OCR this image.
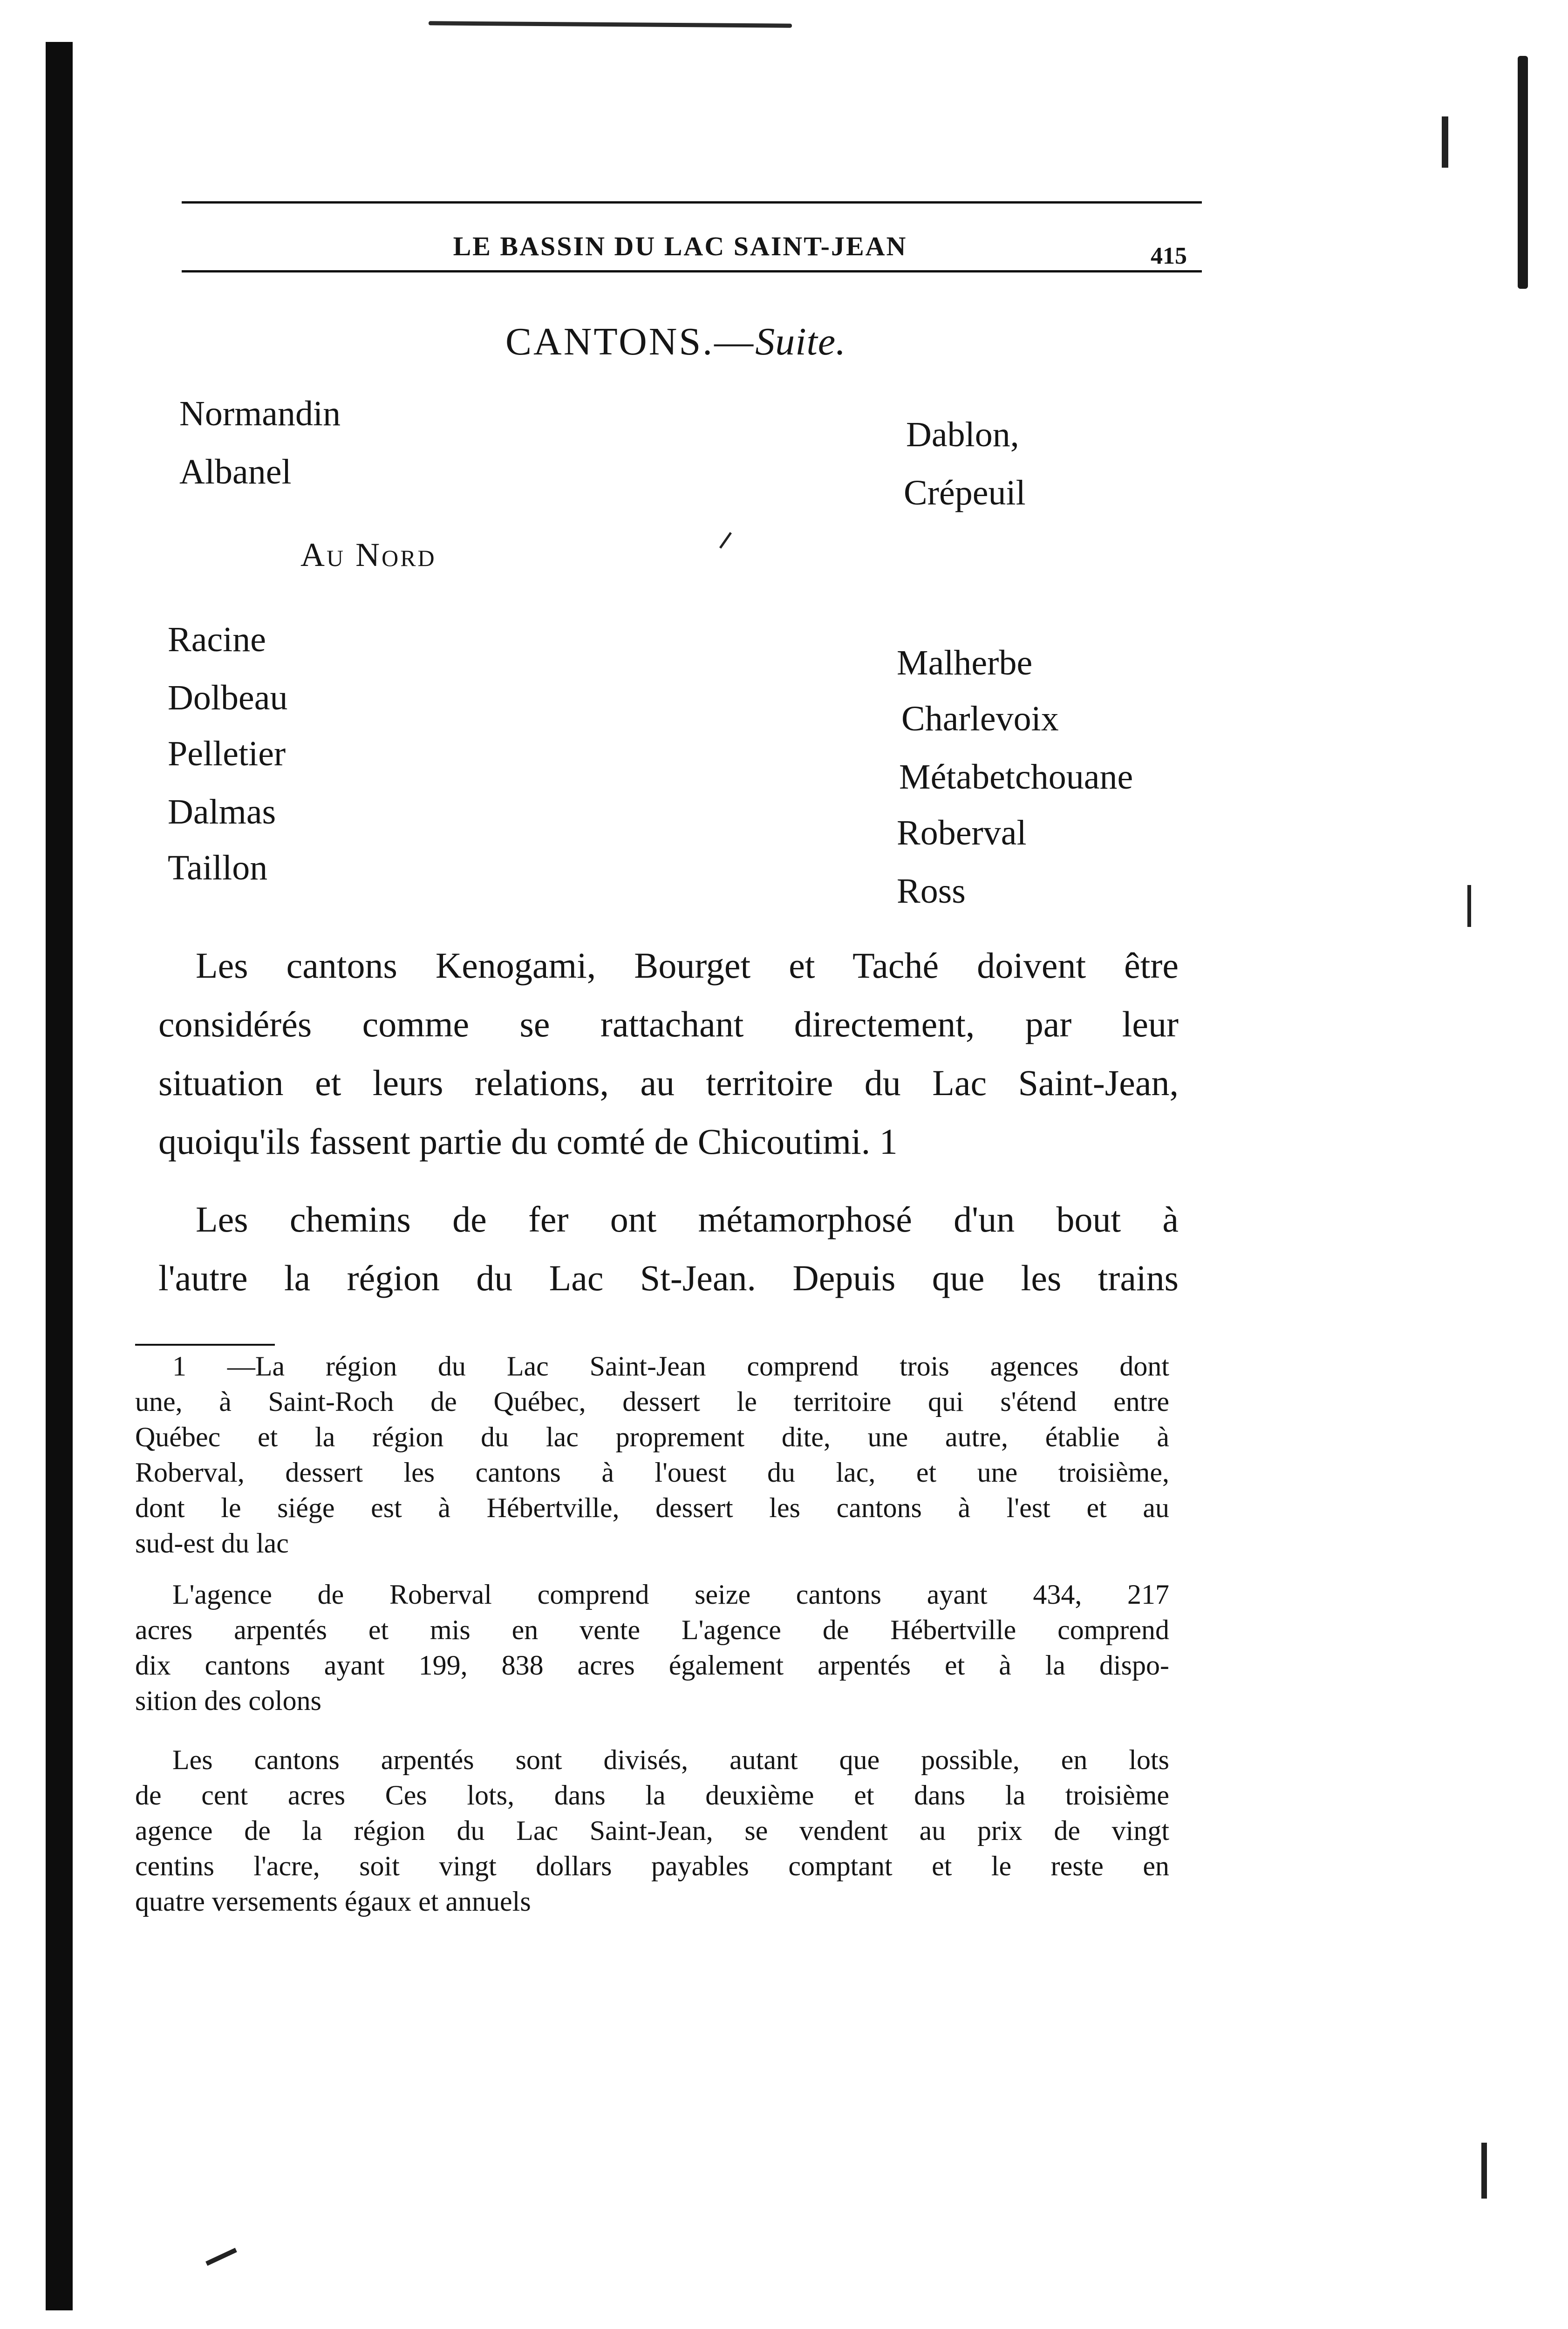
LE BASSIN DU LAC SAINT-JEAN	415
CANTONS.—Suite.
Normandin
Albanel
Dablon,
Crépeuil
Au Nord
Racine
Dolbeau
Pelletier
Dalmas
Taillon
Malherbe
Charlevoix
Métabetchouane
Roberval
Ross
Les cantons Kenogami, Bourget et Taché doivent être
considérés comme se rattachant directement, par leur
situation et leurs relations, au territoire du Lac Saint-Jean,
quoiqu'ils fassent partie du comté de Chicoutimi. 1
Les chemins de fer ont métamorphosé d'un bout à
l'autre la région du Lac St-Jean. Depuis que les trains
1 —La région du Lac Saint-Jean comprend trois agences dont
une, à Saint-Roch de Québec, dessert le territoire qui s'étend entre
Québec et la région du lac proprement dite, une autre, établie à
Roberval, dessert les cantons à l'ouest du lac, et une troisième,
dont le siége est à Hébertville, dessert les cantons à l'est et au
sud-est du lac
L'agence de Roberval comprend seize cantons ayant 434, 217
acres arpentés et mis en vente L'agence de Hébertville comprend
dix cantons ayant 199, 838 acres également arpentés et à la dispo-
sition des colons
Les cantons arpentés sont divisés, autant que possible, en lots
de cent acres Ces lots, dans la deuxième et dans la troisième
agence de la région du Lac Saint-Jean, se vendent au prix de vingt
centins l'acre, soit vingt dollars payables comptant et le reste en
quatre versements égaux et annuels
